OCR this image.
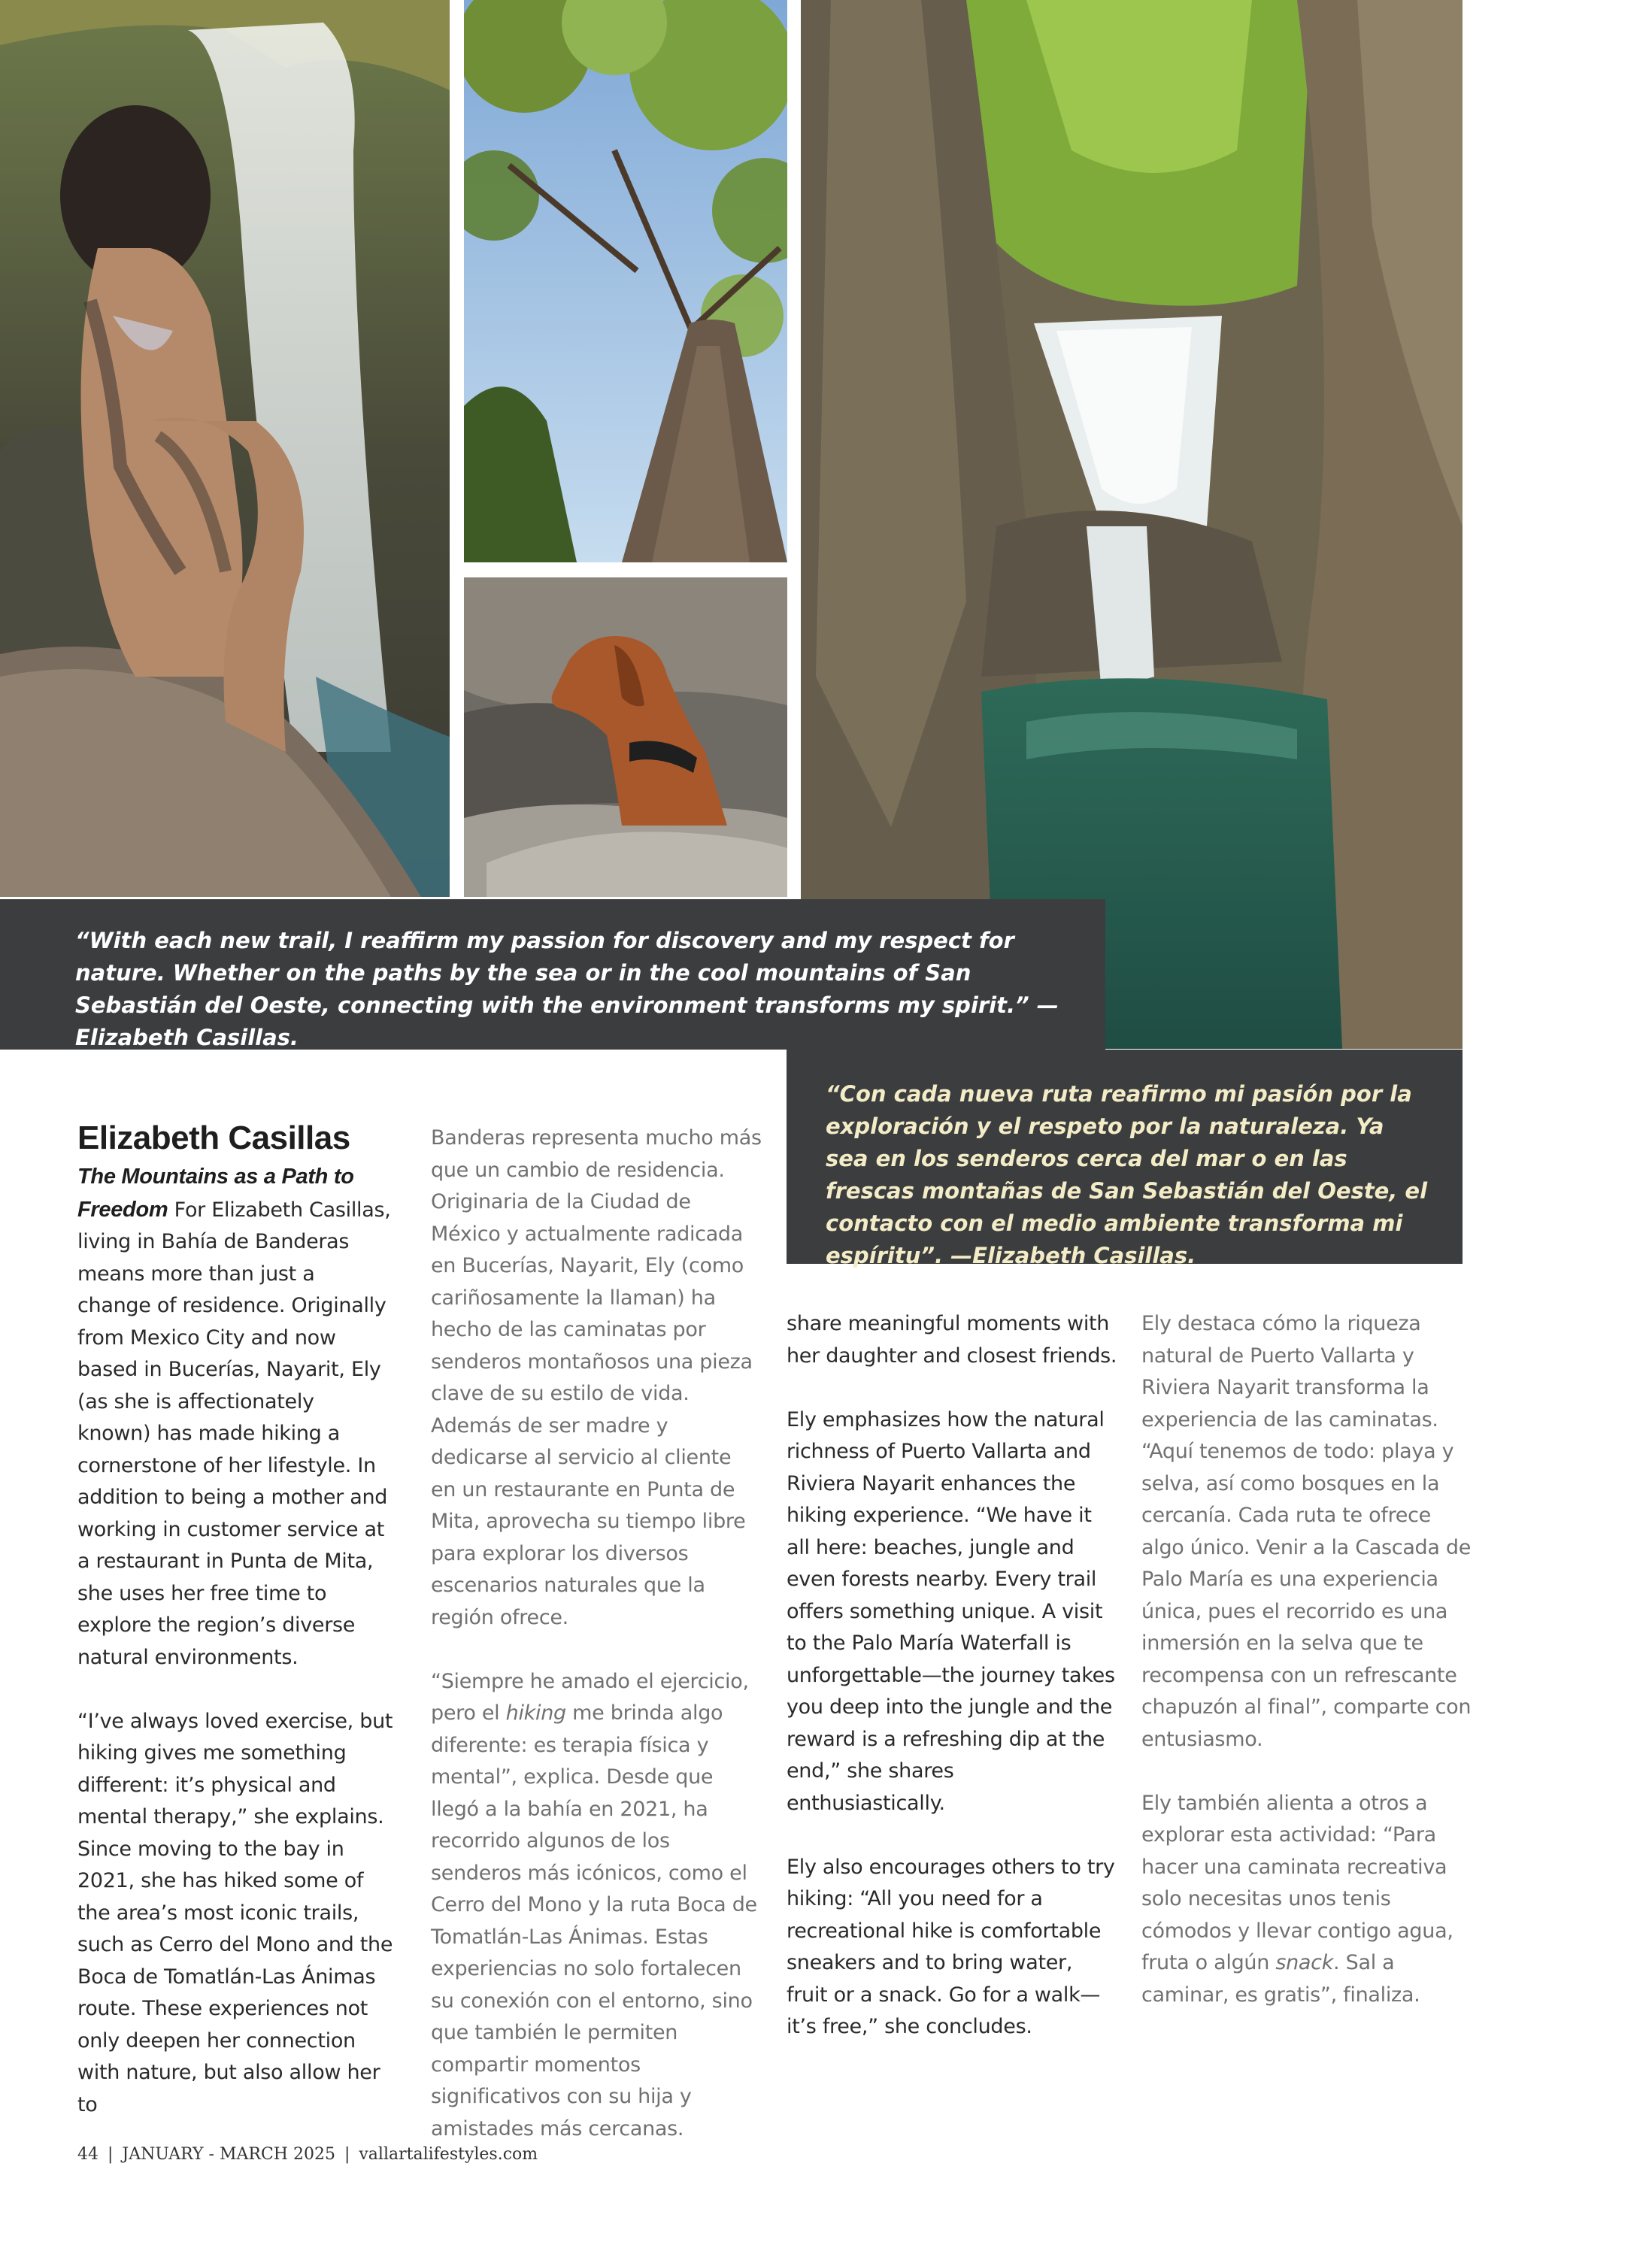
“With each new trail, I reaffirm my passion for discovery and my respect for nature. Whether on the paths by the sea or in the cool mountains of San Sebastián del Oeste, connecting with the environment transforms my spirit.” —Elizabeth Casillas.
“Con cada nueva ruta reafirmo mi pasión por la exploración y el respeto por la naturaleza. Ya sea en los senderos cerca del mar o en las frescas montañas de San Sebastián del Oeste, el contacto con el medio ambiente transforma mi espíritu”. —Elizabeth Casillas.
Elizabeth Casillas

The Mountains as a Path to Freedom For Elizabeth Casillas, living in Bahía de Banderas means more than just a change of residence. Originally from Mexico City and now based in Bucerías, Nayarit, Ely (as she is affectionately known) has made hiking a cornerstone of her lifestyle. In addition to being a mother and working in customer service at a restaurant in Punta de Mita, she uses her free time to explore the region’s diverse natural environments.

“I’ve always loved exercise, but hiking gives me something different: it’s physical and mental therapy,” she explains. Since moving to the bay in 2021, she has hiked some of the area’s most iconic trails, such as Cerro del Mono and the Boca de Tomatlán-Las Ánimas route. These experiences not only deepen her connection with nature, but also allow her to

Banderas representa mucho más que un cambio de residencia. Originaria de la Ciudad de México y actualmente radicada en Bucerías, Nayarit, Ely (como cariñosamente la llaman) ha hecho de las caminatas por senderos montañosos una pieza clave de su estilo de vida. Además de ser madre y dedicarse al servicio al cliente en un restaurante en Punta de Mita, aprovecha su tiempo libre para explorar los diversos escenarios naturales que la región ofrece.

“Siempre he amado el ejercicio, pero el hiking me brinda algo diferente: es terapia física y mental”, explica. Desde que llegó a la bahía en 2021, ha recorrido algunos de los senderos más icónicos, como el Cerro del Mono y la ruta Boca de Tomatlán-Las Ánimas. Estas experiencias no solo fortalecen su conexión con el entorno, sino que también le permiten compartir momentos significativos con su hija y amistades más cercanas.

share meaningful moments with her daughter and closest friends.

Ely emphasizes how the natural richness of Puerto Vallarta and Riviera Nayarit enhances the hiking experience. “We have it all here: beaches, jungle and even forests nearby. Every trail offers something unique. A visit to the Palo María Waterfall is unforgettable—the journey takes you deep into the jungle and the reward is a refreshing dip at the end,” she shares enthusiastically.

Ely also encourages others to try hiking: “All you need for a recreational hike is comfortable sneakers and to bring water, fruit or a snack. Go for a walk—it’s free,” she concludes.

Ely destaca cómo la riqueza natural de Puerto Vallarta y Riviera Nayarit transforma la experiencia de las caminatas. “Aquí tenemos de todo: playa y selva, así como bosques en la cercanía. Cada ruta te ofrece algo único. Venir a la Cascada de Palo María es una experiencia única, pues el recorrido es una inmersión en la selva que te recompensa con un refrescante chapuzón al final”, comparte con entusiasmo.

Ely también alienta a otros a explorar esta actividad: “Para hacer una caminata recreativa solo necesitas unos tenis cómodos y llevar contigo agua, fruta o algún snack. Sal a caminar, es gratis”, finaliza.

44 | JANUARY - MARCH 2025 | vallartalifestyles.com
